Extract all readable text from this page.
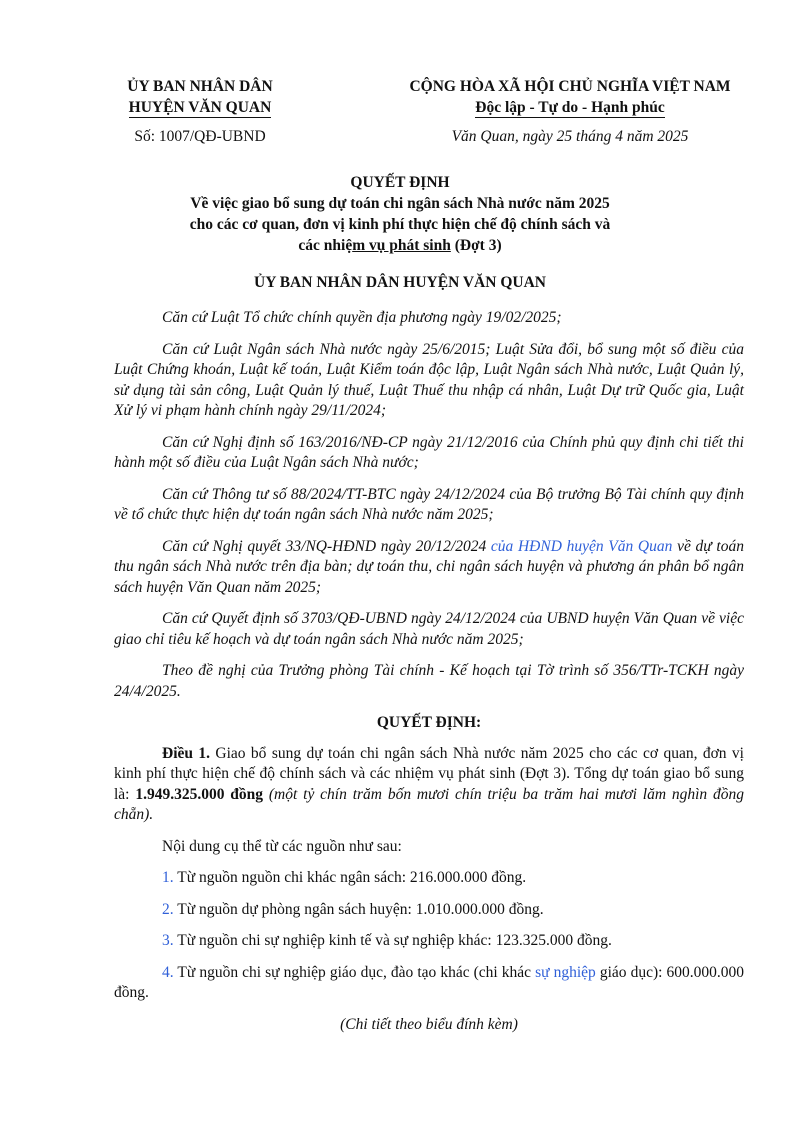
ỦY BAN NHÂN DÂN
HUYỆN VĂN QUAN
Số: 1007/QĐ-UBND
CỘNG HÒA XÃ HỘI CHỦ NGHĨA VIỆT NAM
Độc lập - Tự do - Hạnh phúc
Văn Quan, ngày 25 tháng 4 năm 2025
QUYẾT ĐỊNH
Về việc giao bổ sung dự toán chi ngân sách Nhà nước năm 2025
cho các cơ quan, đơn vị kinh phí thực hiện chế độ chính sách và
các nhiệm vụ phát sinh (Đợt 3)
ỦY BAN NHÂN DÂN HUYỆN VĂN QUAN

Căn cứ Luật Tổ chức chính quyền địa phương ngày 19/02/2025;

Căn cứ Luật Ngân sách Nhà nước ngày 25/6/2015; Luật Sửa đổi, bổ sung một số điều của Luật Chứng khoán, Luật kế toán, Luật Kiểm toán độc lập, Luật Ngân sách Nhà nước, Luật Quản lý, sử dụng tài sản công, Luật Quản lý thuế, Luật Thuế thu nhập cá nhân, Luật Dự trữ Quốc gia, Luật Xử lý vi phạm hành chính ngày 29/11/2024;

Căn cứ Nghị định số 163/2016/NĐ-CP ngày 21/12/2016 của Chính phủ quy định chi tiết thi hành một số điều của Luật Ngân sách Nhà nước;

Căn cứ Thông tư số 88/2024/TT-BTC ngày 24/12/2024 của Bộ trưởng Bộ Tài chính quy định về tổ chức thực hiện dự toán ngân sách Nhà nước năm 2025;

Căn cứ Nghị quyết 33/NQ-HĐND ngày 20/12/2024 của HĐND huyện Văn Quan về dự toán thu ngân sách Nhà nước trên địa bàn; dự toán thu, chi ngân sách huyện và phương án phân bổ ngân sách huyện Văn Quan năm 2025;

Căn cứ Quyết định số 3703/QĐ-UBND ngày 24/12/2024 của UBND huyện Văn Quan về việc giao chỉ tiêu kế hoạch và dự toán ngân sách Nhà nước năm 2025;

Theo đề nghị của Trưởng phòng Tài chính - Kế hoạch tại Tờ trình số 356/TTr-TCKH ngày 24/4/2025.

QUYẾT ĐỊNH:

Điều 1. Giao bổ sung dự toán chi ngân sách Nhà nước năm 2025 cho các cơ quan, đơn vị kinh phí thực hiện chế độ chính sách và các nhiệm vụ phát sinh (Đợt 3). Tổng dự toán giao bổ sung là: 1.949.325.000 đồng (một tỷ chín trăm bốn mươi chín triệu ba trăm hai mươi lăm nghìn đồng chẵn).

Nội dung cụ thể từ các nguồn như sau:

1. Từ nguồn nguồn chi khác ngân sách: 216.000.000 đồng.

2. Từ nguồn dự phòng ngân sách huyện: 1.010.000.000 đồng.

3. Từ nguồn chi sự nghiệp kinh tế và sự nghiệp khác: 123.325.000 đồng.

4. Từ nguồn chi sự nghiệp giáo dục, đào tạo khác (chi khác sự nghiệp giáo dục): 600.000.000 đồng.

(Chi tiết theo biểu đính kèm)
